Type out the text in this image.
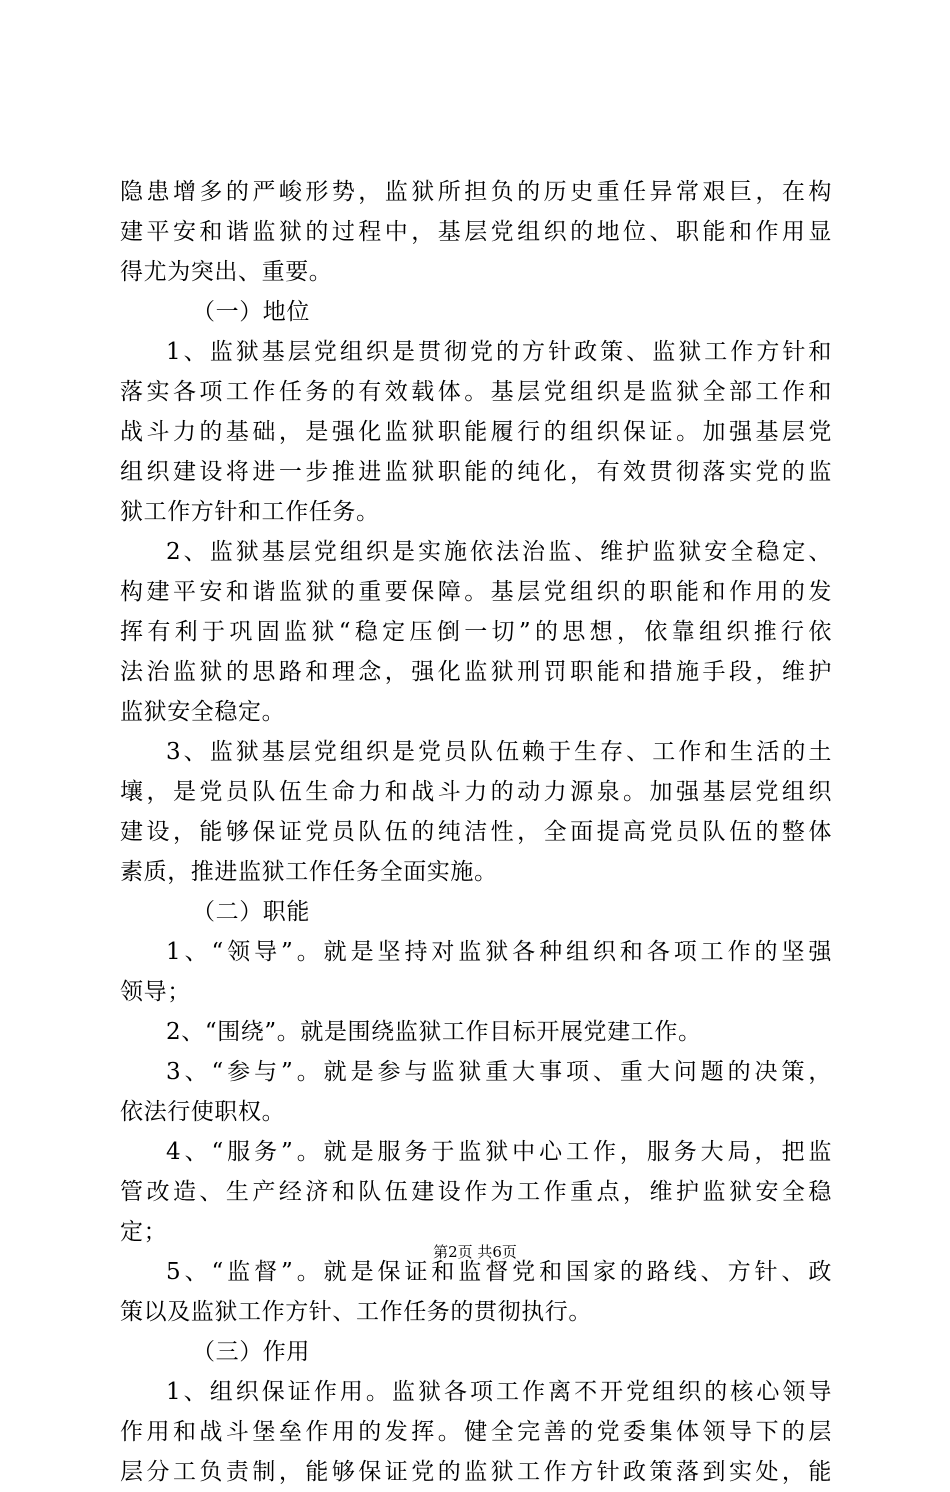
隐患增多的严峻形势，监狱所担负的历史重任异常艰巨，在构
建平安和谐监狱的过程中，基层党组织的地位、职能和作用显
得尤为突出、重要。
（一）地位
1、监狱基层党组织是贯彻党的方针政策、监狱工作方针和
落实各项工作任务的有效载体。基层党组织是监狱全部工作和
战斗力的基础，是强化监狱职能履行的组织保证。加强基层党
组织建设将进一步推进监狱职能的纯化，有效贯彻落实党的监
狱工作方针和工作任务。
2、监狱基层党组织是实施依法治监、维护监狱安全稳定、
构建平安和谐监狱的重要保障。基层党组织的职能和作用的发
挥有利于巩固监狱“稳定压倒一切”的思想，依靠组织推行依
法治监狱的思路和理念，强化监狱刑罚职能和措施手段，维护
监狱安全稳定。
3、监狱基层党组织是党员队伍赖于生存、工作和生活的土
壤，是党员队伍生命力和战斗力的动力源泉。加强基层党组织
建设，能够保证党员队伍的纯洁性，全面提高党员队伍的整体
素质，推进监狱工作任务全面实施。
（二）职能
1、“领导”。就是坚持对监狱各种组织和各项工作的坚强
领导；
2、“围绕”。就是围绕监狱工作目标开展党建工作。
3、“参与”。就是参与监狱重大事项、重大问题的决策，
依法行使职权。
4、“服务”。就是服务于监狱中心工作，服务大局，把监
管改造、生产经济和队伍建设作为工作重点，维护监狱安全稳
定；
5、“监督”。就是保证和监督党和国家的路线、方针、政
策以及监狱工作方针、工作任务的贯彻执行。
（三）作用
1、组织保证作用。监狱各项工作离不开党组织的核心领导
作用和战斗堡垒作用的发挥。健全完善的党委集体领导下的层
层分工负责制，能够保证党的监狱工作方针政策落到实处，能
第2页 共6页
